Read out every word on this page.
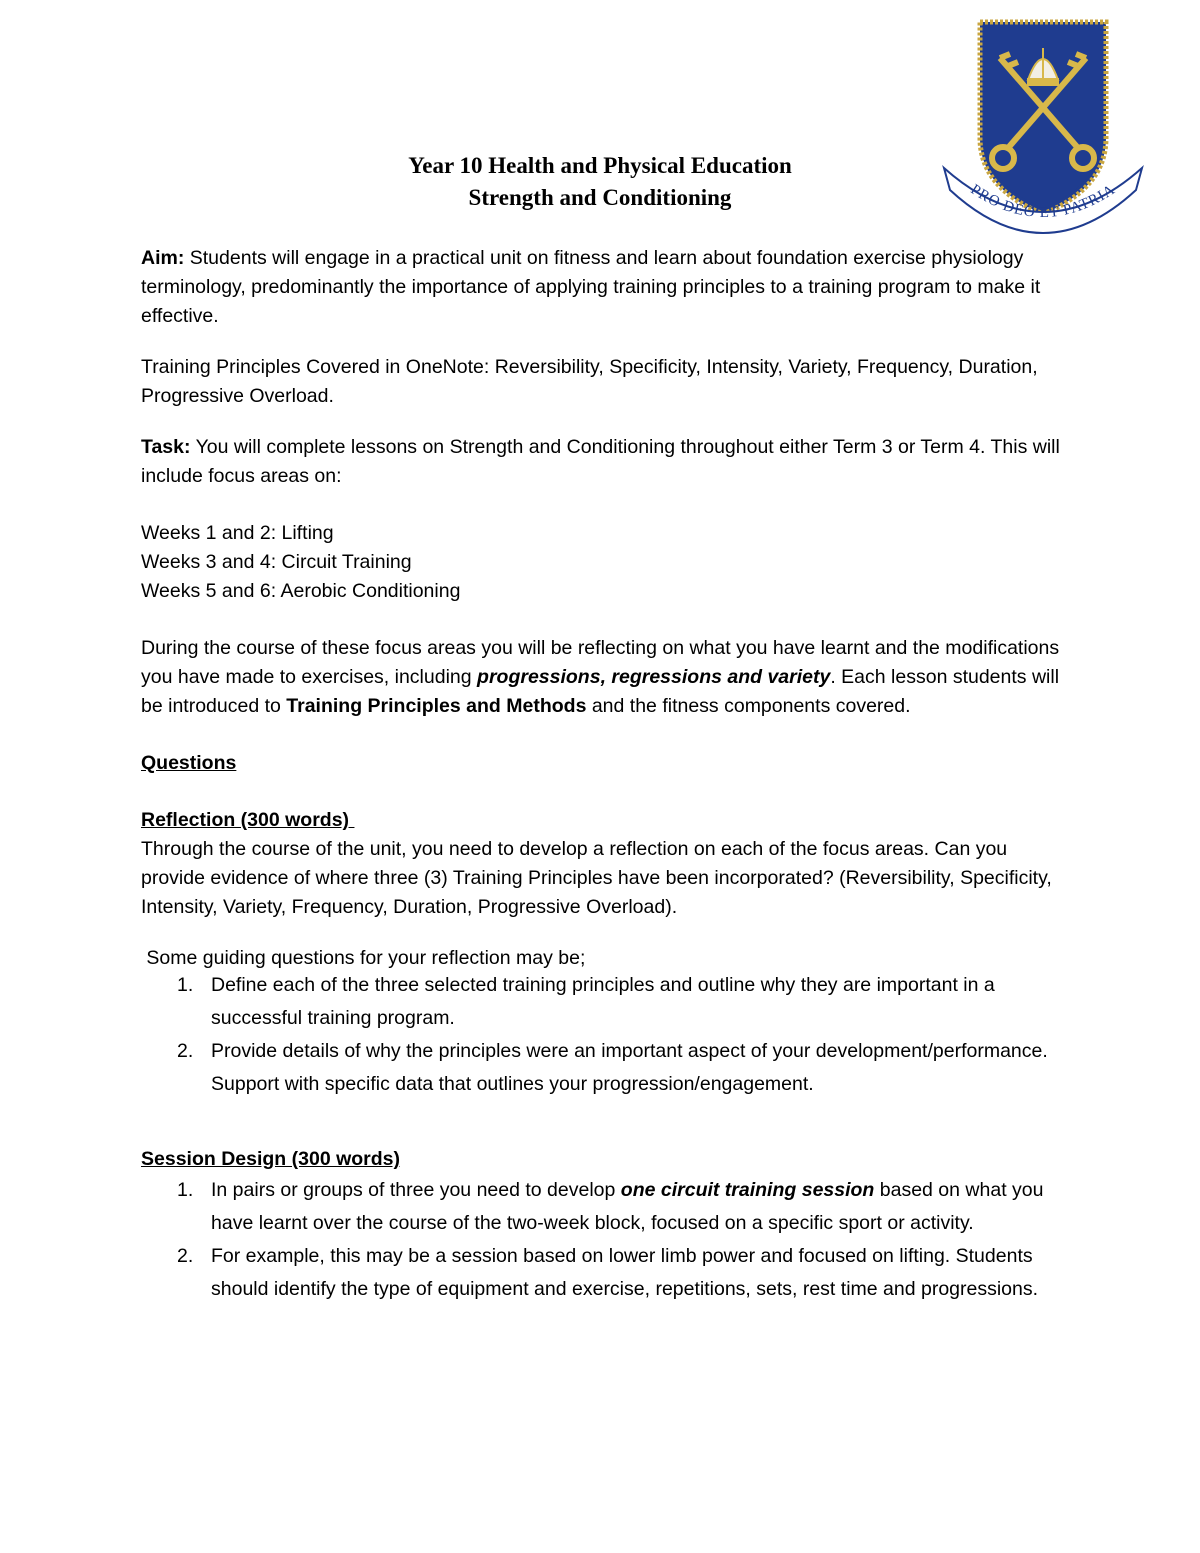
PRO DEO ET PATRIA
Year 10 Health and Physical Education
Strength and Conditioning

Aim: Students will engage in a practical unit on fitness and learn about foundation exercise physiology terminology, predominantly the importance of applying training principles to a training program to make it effective.

Training Principles Covered in OneNote: Reversibility, Specificity, Intensity, Variety, Frequency, Duration, Progressive Overload.

Task: You will complete lessons on Strength and Conditioning throughout either Term 3 or Term 4. This will include focus areas on:

Weeks 1 and 2: Lifting

Weeks 3 and 4: Circuit Training

Weeks 5 and 6: Aerobic Conditioning

During the course of these focus areas you will be reflecting on what you have learnt and the modifications you have made to exercises, including progressions, regressions and variety. Each lesson students will be introduced to Training Principles and Methods and the fitness components covered.

Questions

Reflection (300 words)

Through the course of the unit, you need to develop a reflection on each of the focus areas. Can you provide evidence of where three (3) Training Principles have been incorporated? (Reversibility, Specificity, Intensity, Variety, Frequency, Duration, Progressive Overload).

Some guiding questions for your reflection may be;

1. Define each of the three selected training principles and outline why they are important in a successful training program.
2. Provide details of why the principles were an important aspect of your development/performance. Support with specific data that outlines your progression/engagement.

Session Design (300 words)

1. In pairs or groups of three you need to develop one circuit training session based on what you have learnt over the course of the two-week block, focused on a specific sport or activity.
2. For example, this may be a session based on lower limb power and focused on lifting. Students should identify the type of equipment and exercise, repetitions, sets, rest time and progressions.
